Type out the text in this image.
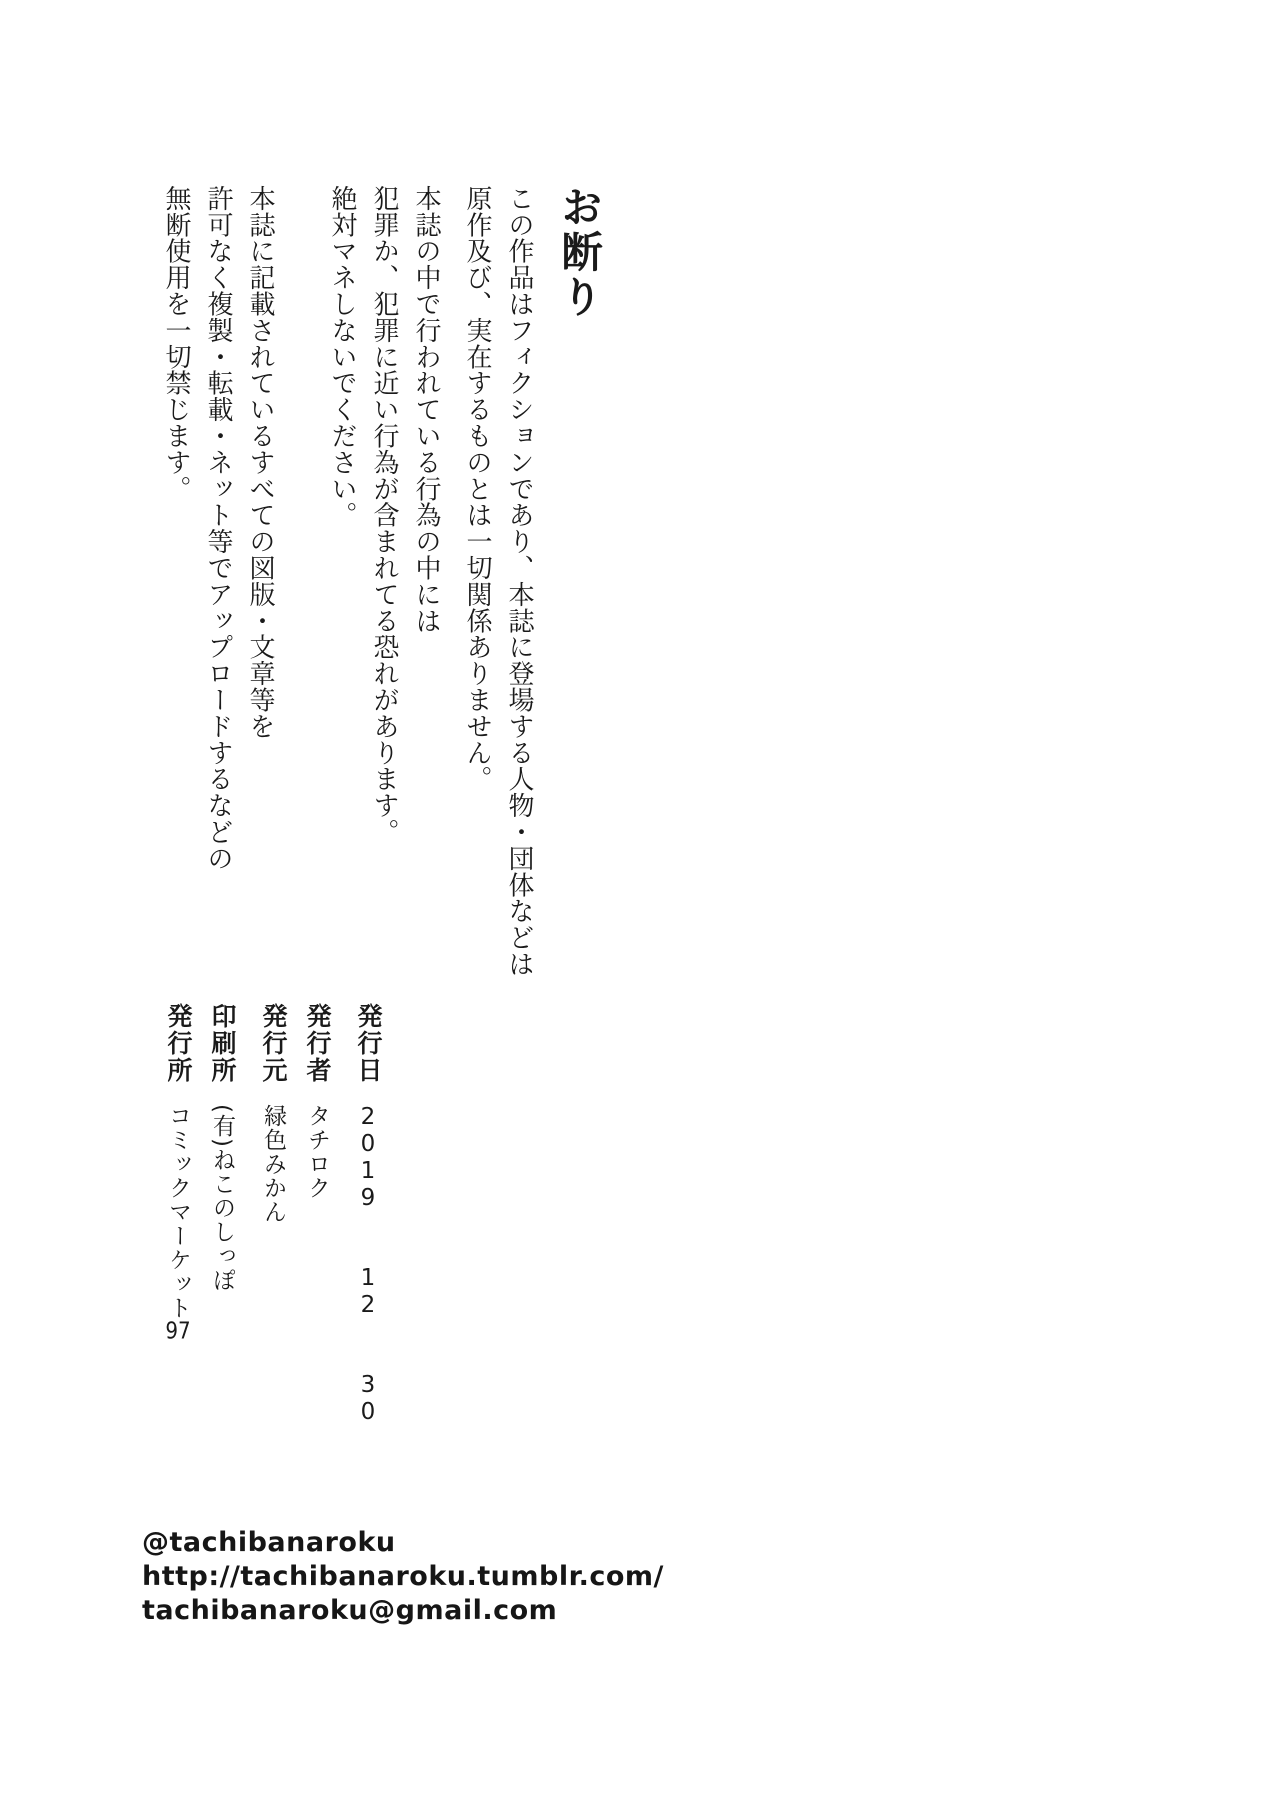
お断り
この作品はフィクションであり、本誌に登場する人物・団体などは
原作及び、実在するものとは一切関係ありません。
本誌の中で行われている行為の中には
犯罪か、犯罪に近い行為が含まれてる恐れがあります。
絶対マネしないでください。
本誌に記載されているすべての図版・文章等を
許可なく複製・転載・ネット等でアップロードするなどの
無断使用を一切禁じます。
発行日2019 12 30
発行者タチロク
発行元緑色みかん
印刷所(有)ねこのしっぽ
発行所コミックマーケット97
@tachibanaroku
http://tachibanaroku.tumblr.com/
tachibanaroku@gmail.com
